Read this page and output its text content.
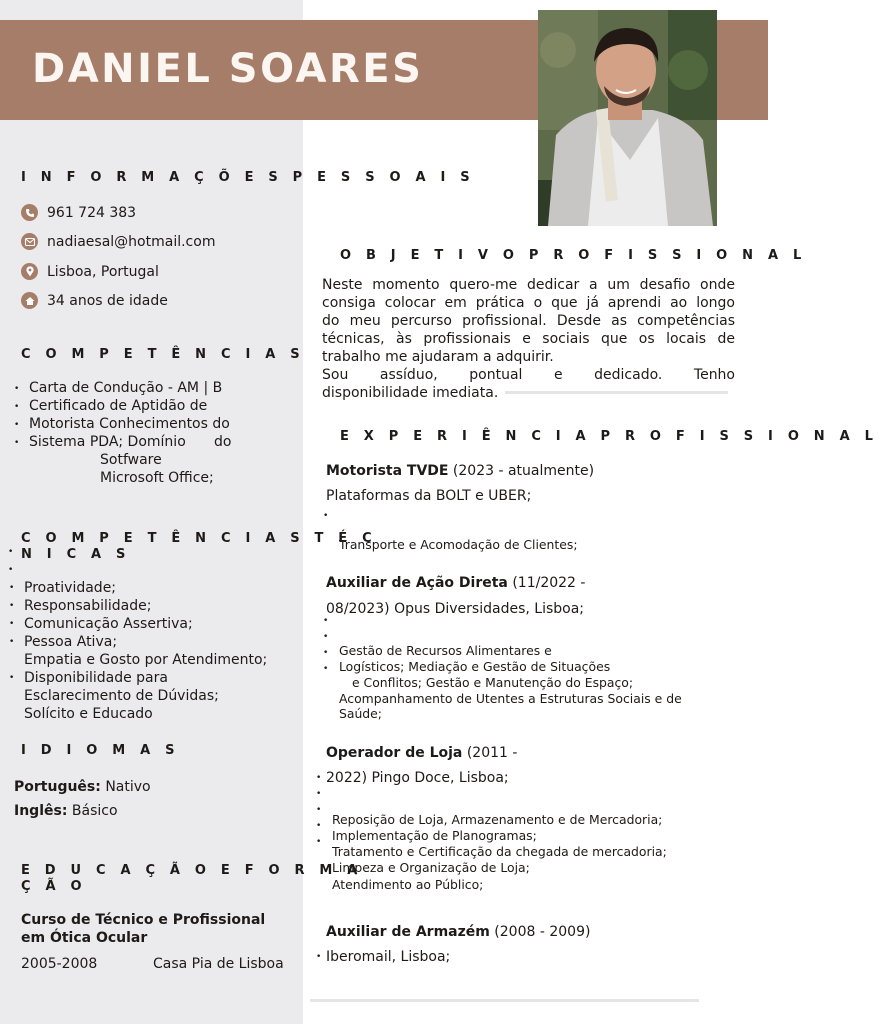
DANIEL SOARES
I N F O R M A Ç Õ E S P E S S O A I S
961 724 383
nadiaesal@hotmail.com
Lisboa, Portugal
34 anos de idade
C O M P E T Ê N C I A S
•
•
•
•
Carta de Condução - AM | B
Certificado de Aptidão de
Motorista Conhecimentos do
Sistema PDA; Domínio do
Sotfware
Microsoft Office;
C O M P E T Ê N C I A S T É C
N I C A S
•
•
•
•
•
•
•
Proatividade;
Responsabilidade;
Comunicação Assertiva;
Pessoa Ativa;
Empatia e Gosto por Atendimento;
Disponibilidade para
Esclarecimento de Dúvidas;
Solícito e Educado
I D I O M A S
Português: Nativo
Inglês: Básico
E D U C A Ç Ã O E F O R M A
Ç Ã O
Curso de Técnico e Profissional
em Ótica Ocular
2005-2008	Casa Pia de Lisboa
O B J E T I V O P R O F I S S I O N A L

Neste momento quero-me dedicar a um desafio onde

consiga colocar em prática o que já aprendi ao longo

do meu percurso profissional. Desde as competências

técnicas, às profissionais e sociais que os locais de

trabalho me ajudaram a adquirir.

Sou assíduo, pontual e dedicado. Tenho

disponibilidade imediata.

E X P E R I Ê N C I A P R O F I S S I O N A L
Motorista TVDE (2023 - atualmente)
Plataformas da BOLT e UBER;
•
Transporte e Acomodação de Clientes;
Auxiliar de Ação Direta (11/2022 -
08/2023) Opus Diversidades, Lisboa;
•
•
•
•
Gestão de Recursos Alimentares e
Logísticos; Mediação e Gestão de Situações
e Conflitos; Gestão e Manutenção do Espaço;
Acompanhamento de Utentes a Estruturas Sociais e de
Saúde;
Operador de Loja (2011 -
• 2022) Pingo Doce, Lisboa;
•
•
•
•
Reposição de Loja, Armazenamento e de Mercadoria;
Implementação de Planogramas;
Tratamento e Certificação da chegada de mercadoria;
Limpeza e Organização de Loja;
Atendimento ao Público;
Auxiliar de Armazém (2008 - 2009)
• Iberomail, Lisboa;
